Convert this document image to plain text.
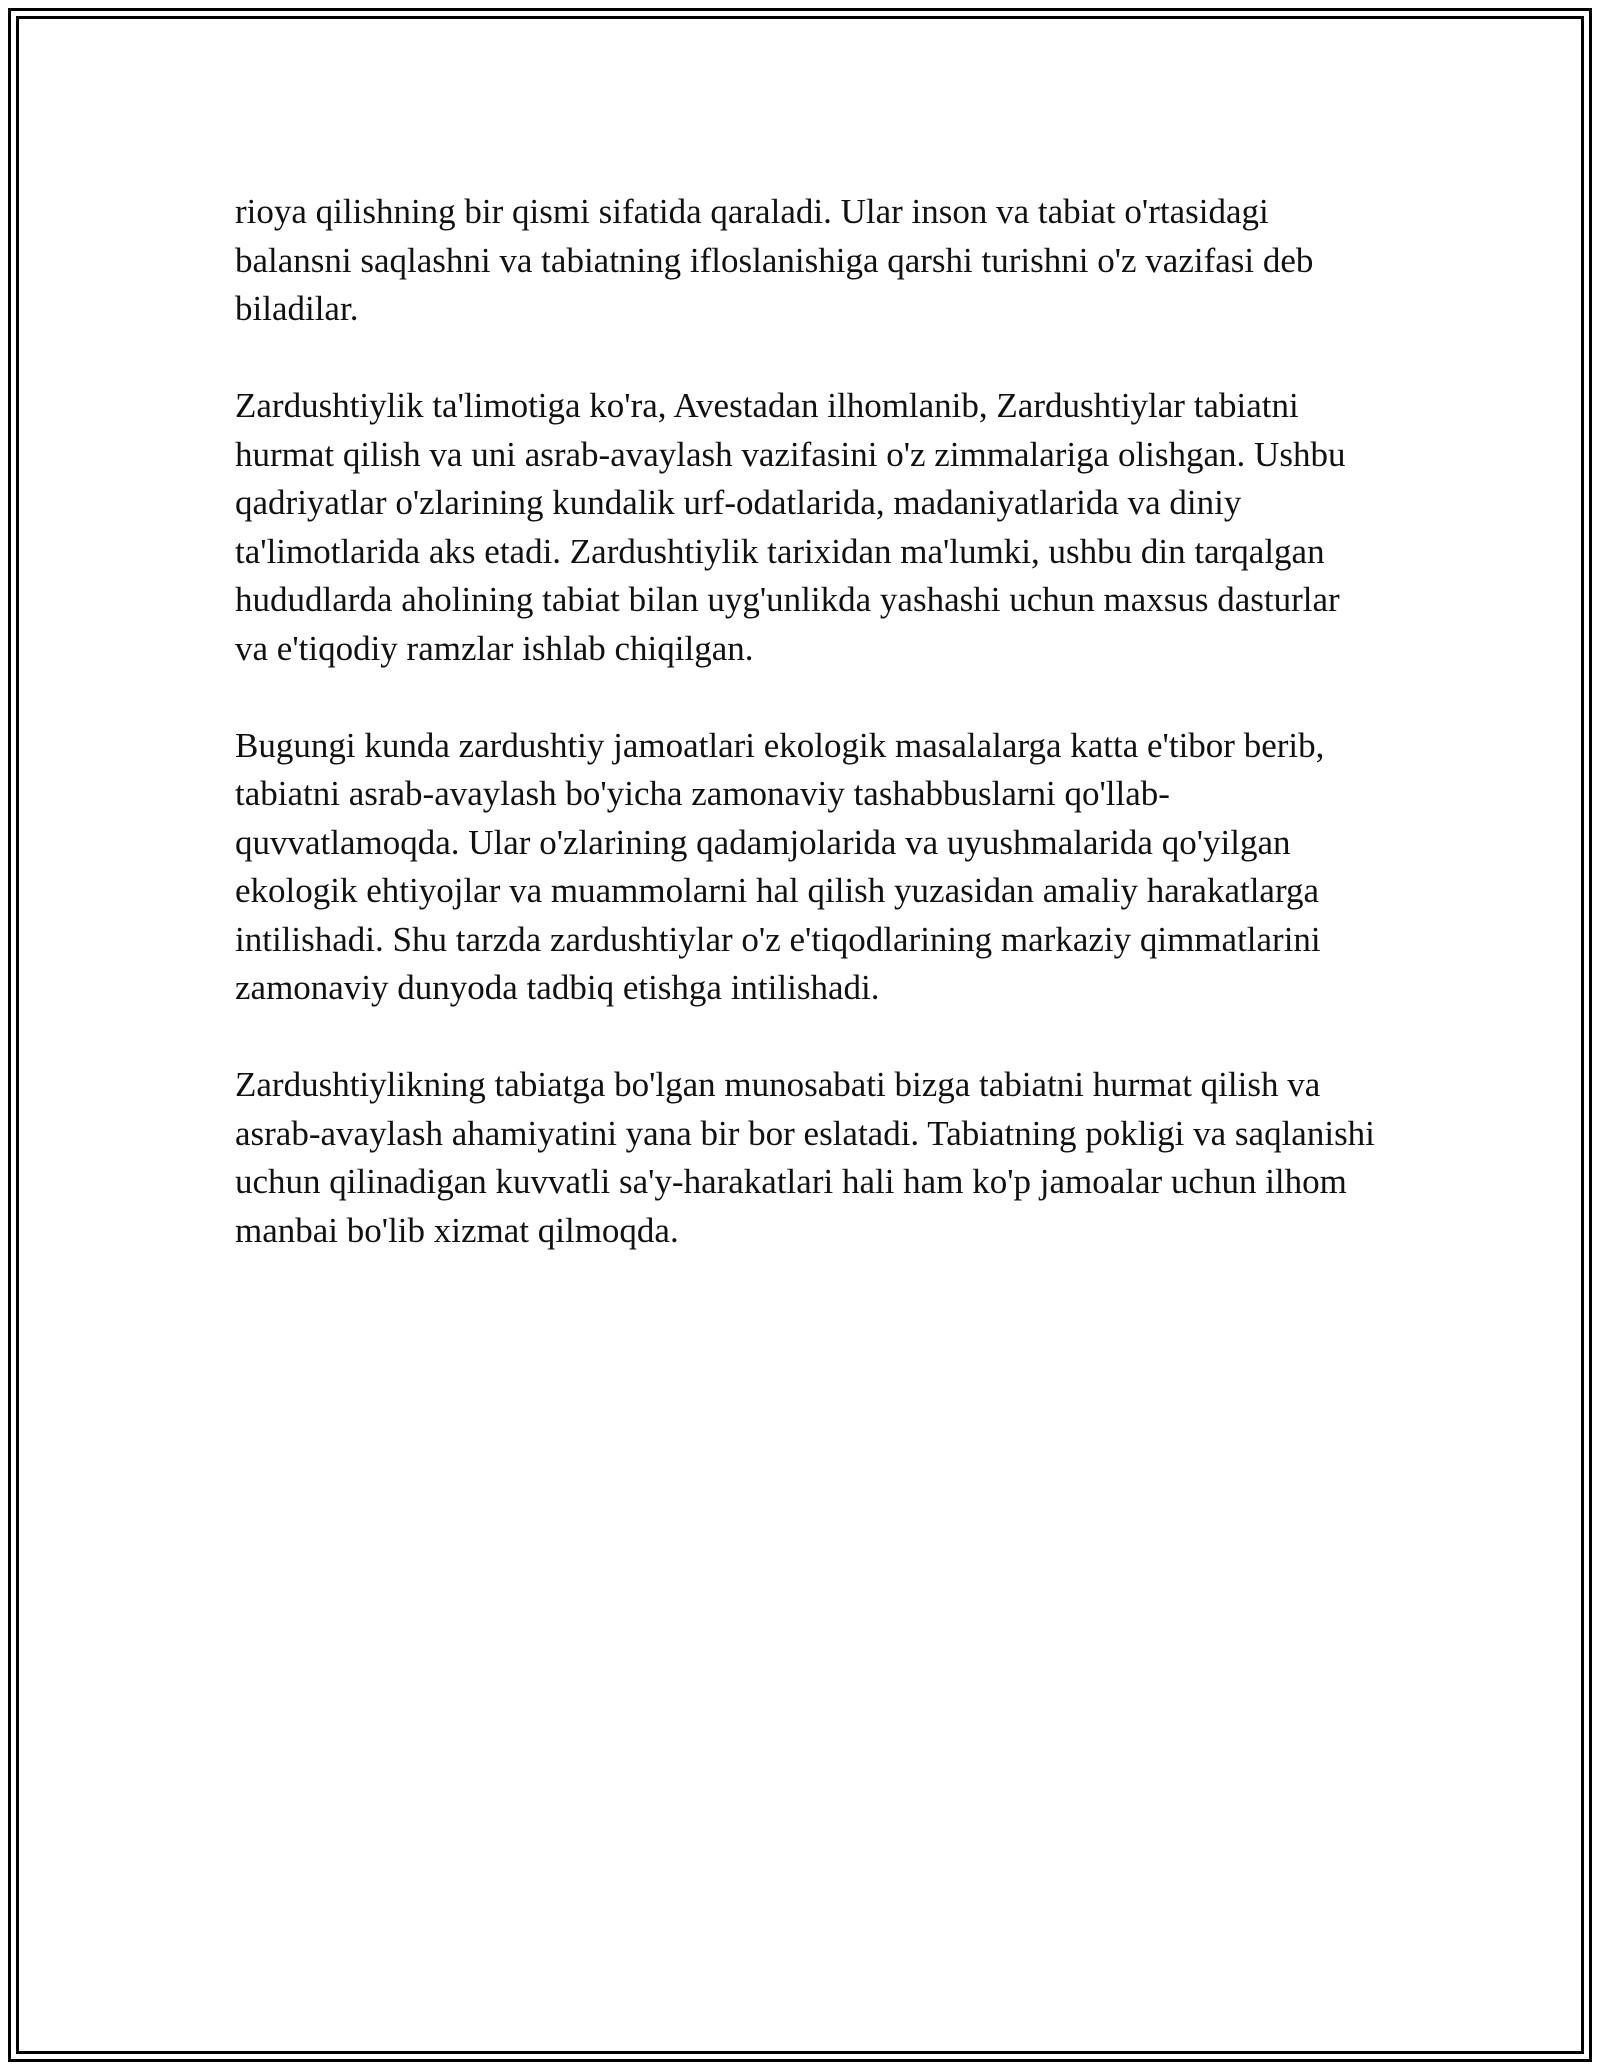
rioya qilishning bir qismi sifatida qaraladi. Ular inson va tabiat o'rtasidagi balansni saqlashni va tabiatning ifloslanishiga qarshi turishni o'z vazifasi deb biladilar.

Zardushtiylik ta'limotiga ko'ra, Avestadan ilhomlanib, Zardushtiylar tabiatni hurmat qilish va uni asrab-avaylash vazifasini o'z zimmalariga olishgan. Ushbu qadriyatlar o'zlarining kundalik urf-odatlarida, madaniyatlarida va diniy ta'limotlarida aks etadi. Zardushtiylik tarixidan ma'lumki, ushbu din tarqalgan hududlarda aholining tabiat bilan uyg'unlikda yashashi uchun maxsus dasturlar va e'tiqodiy ramzlar ishlab chiqilgan.

Bugungi kunda zardushtiy jamoatlari ekologik masalalarga katta e'tibor berib, tabiatni asrab-avaylash bo'yicha zamonaviy tashabbuslarni qo'llab-quvvatlamoqda. Ular o'zlarining qadamjolarida va uyushmalarida qo'yilgan ekologik ehtiyojlar va muammolarni hal qilish yuzasidan amaliy harakatlarga intilishadi. Shu tarzda zardushtiylar o'z e'tiqodlarining markaziy qimmatlarini zamonaviy dunyoda tadbiq etishga intilishadi.

Zardushtiylikning tabiatga bo'lgan munosabati bizga tabiatni hurmat qilish va asrab-avaylash ahamiyatini yana bir bor eslatadi. Tabiatning pokligi va saqlanishi uchun qilinadigan kuvvatli sa'y-harakatlari hali ham ko'p jamoalar uchun ilhom manbai bo'lib xizmat qilmoqda.
